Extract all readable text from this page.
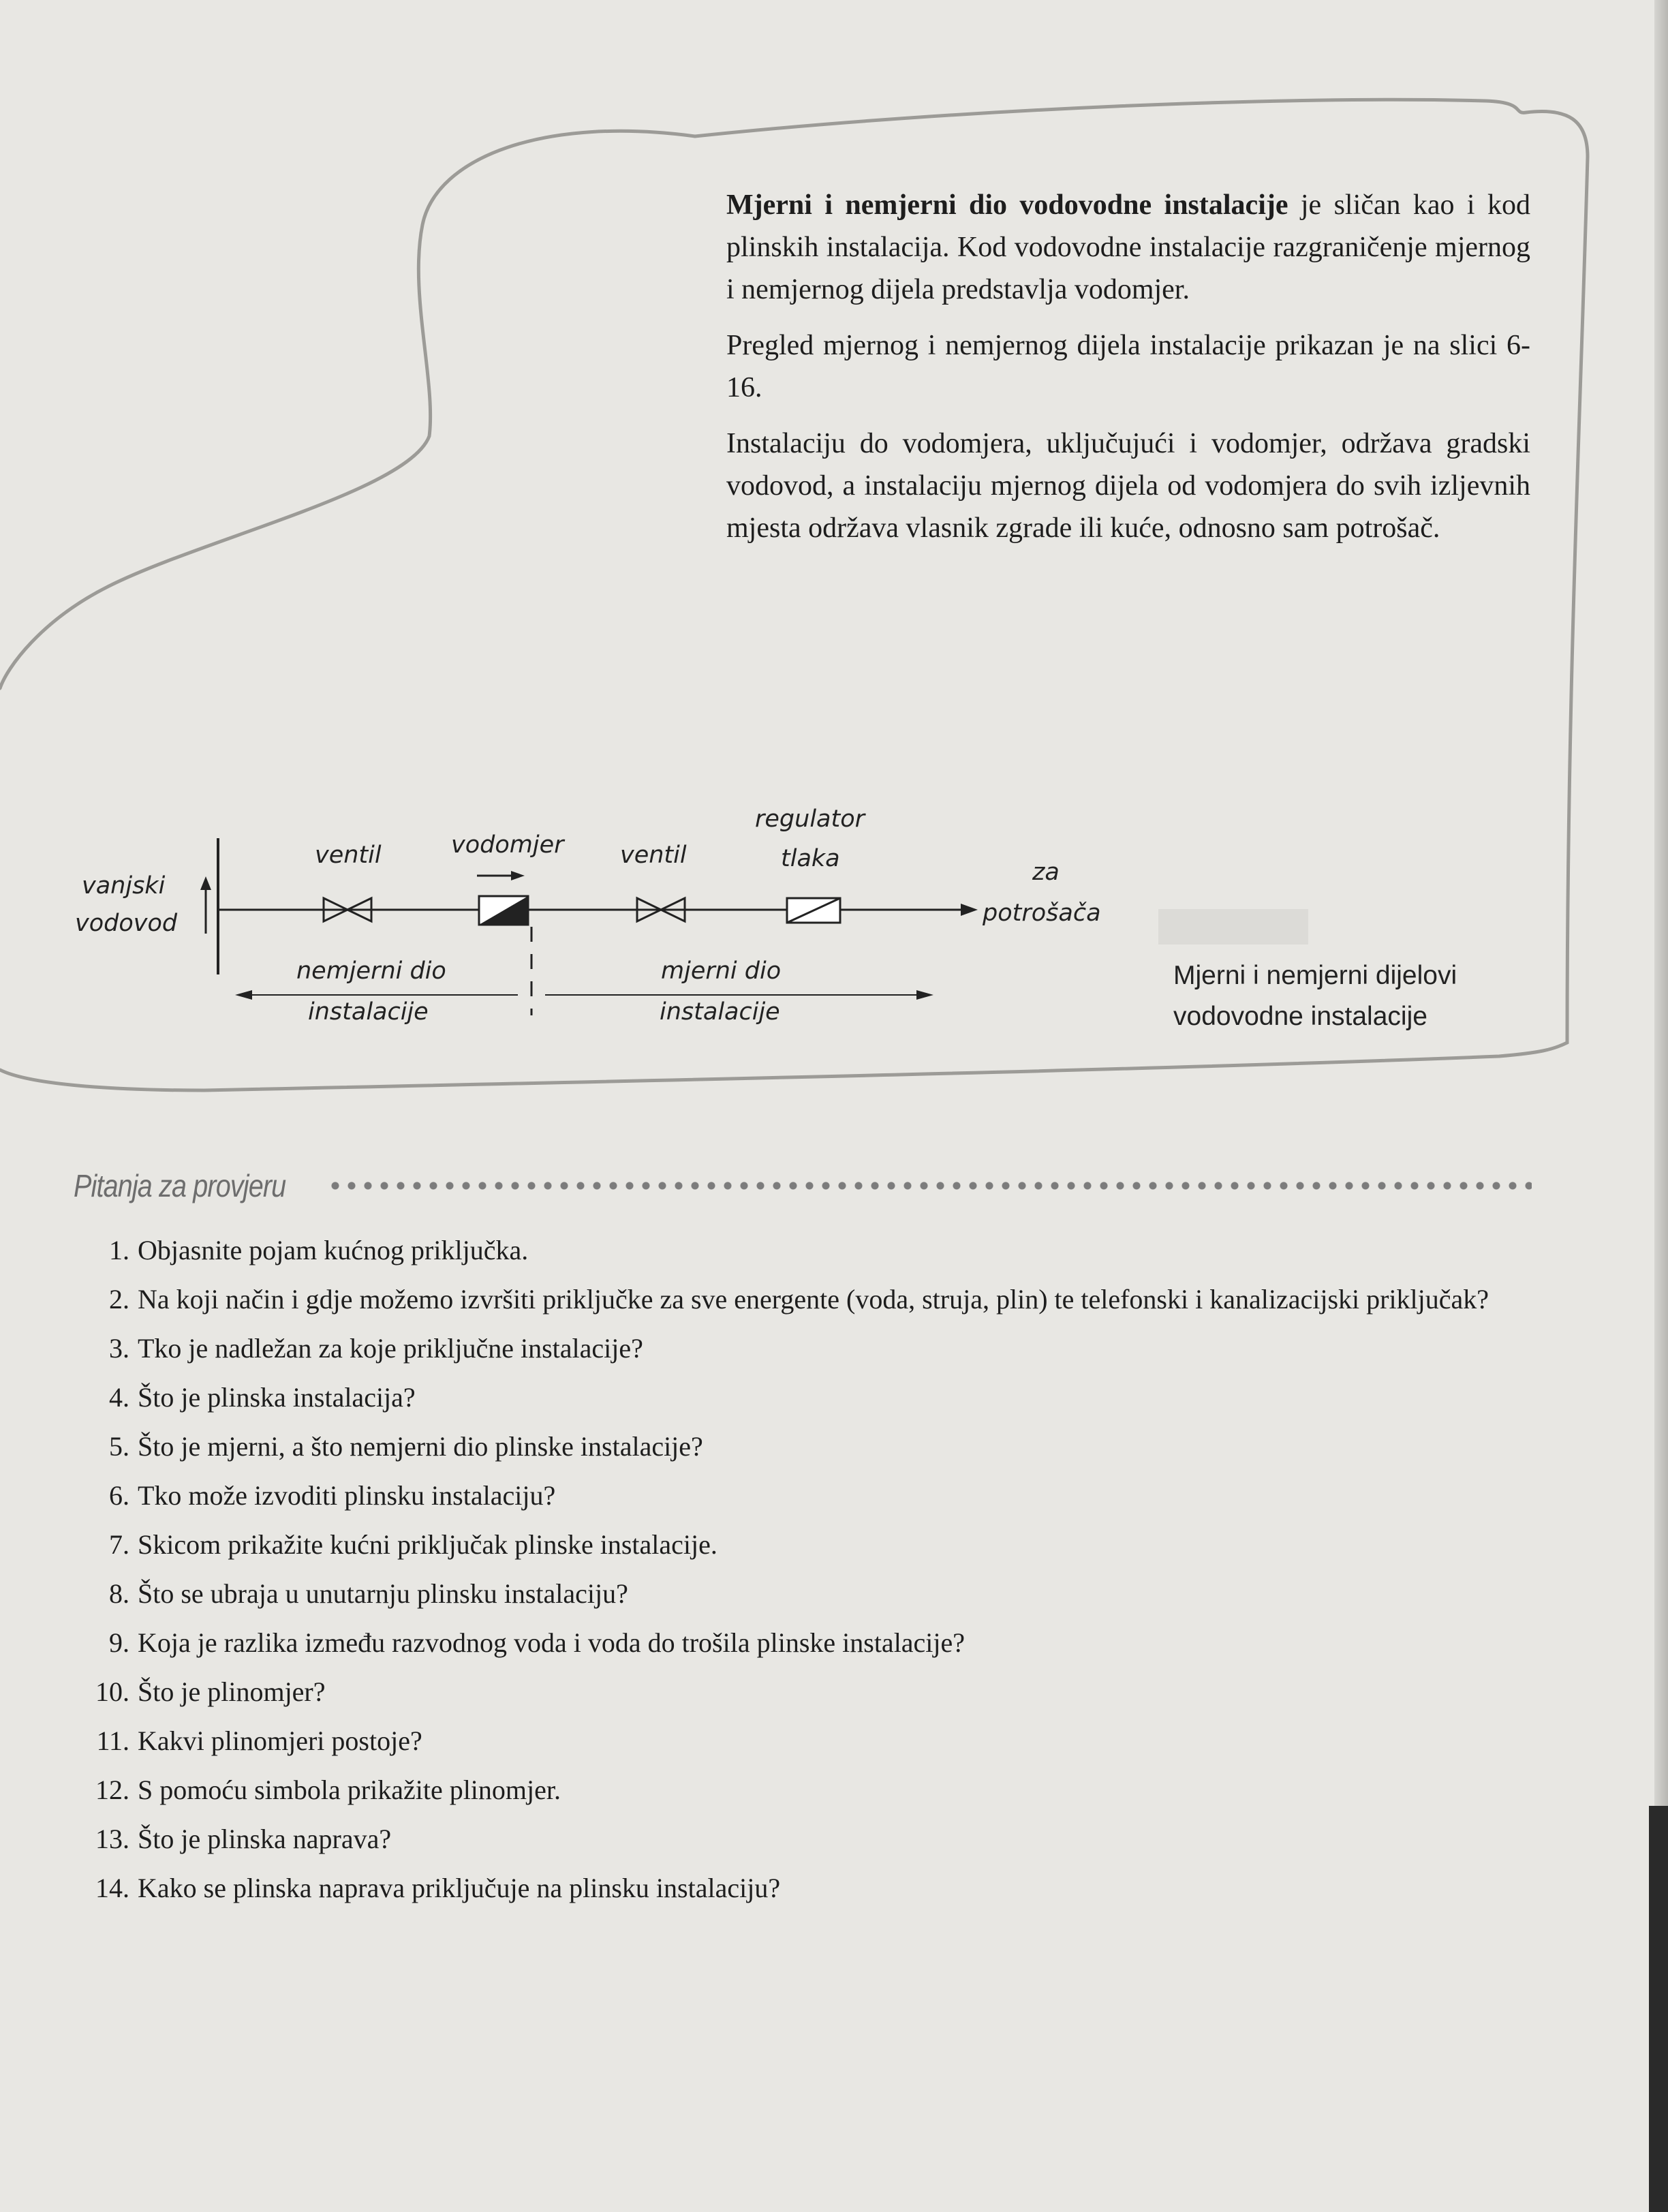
Mjerni i nemjerni dio vodovodne instalacije je sličan kao i kod plinskih instalacija. Kod vodovodne instalacije razgraničenje mjernog i nemjernog dijela predstavlja vodomjer.

Pregled mjernog i nemjernog dijela instalacije prikazan je na slici 6-16.

Instalaciju do vodomjera, uključujući i vodomjer, održava gradski vodovod, a instalaciju mjernog dijela od vodomjera do svih izljevnih mjesta održava vlasnik zgrade ili kuće, odnosno sam potrošač.

vanjski
vodovod
ventil	vodomjer ventil
regulator
tlaka	za
potrošača
nemjerni dio
instalacije
mjerni dio
instalacije
Mjerni i nemjerni dijelovi
vodovodne instalacije
Pitanja za provjeru
1. Objasnite pojam kućnog priključka.
2. Na koji način i gdje možemo izvršiti priključke za sve energente (voda, struja, plin) te telefonski i kanalizacijski priključak?
3. Tko je nadležan za koje priključne instalacije?
4. Što je plinska instalacija?
5. Što je mjerni, a što nemjerni dio plinske instalacije?
6. Tko može izvoditi plinsku instalaciju?
7. Skicom prikažite kućni priključak plinske instalacije.
8. Što se ubraja u unutarnju plinsku instalaciju?
9. Koja je razlika između razvodnog voda i voda do trošila plinske instalacije?
10. Što je plinomjer?
11. Kakvi plinomjeri postoje?
12. S pomoću simbola prikažite plinomjer.
13. Što je plinska naprava?
14. Kako se plinska naprava priključuje na plinsku instalaciju?
